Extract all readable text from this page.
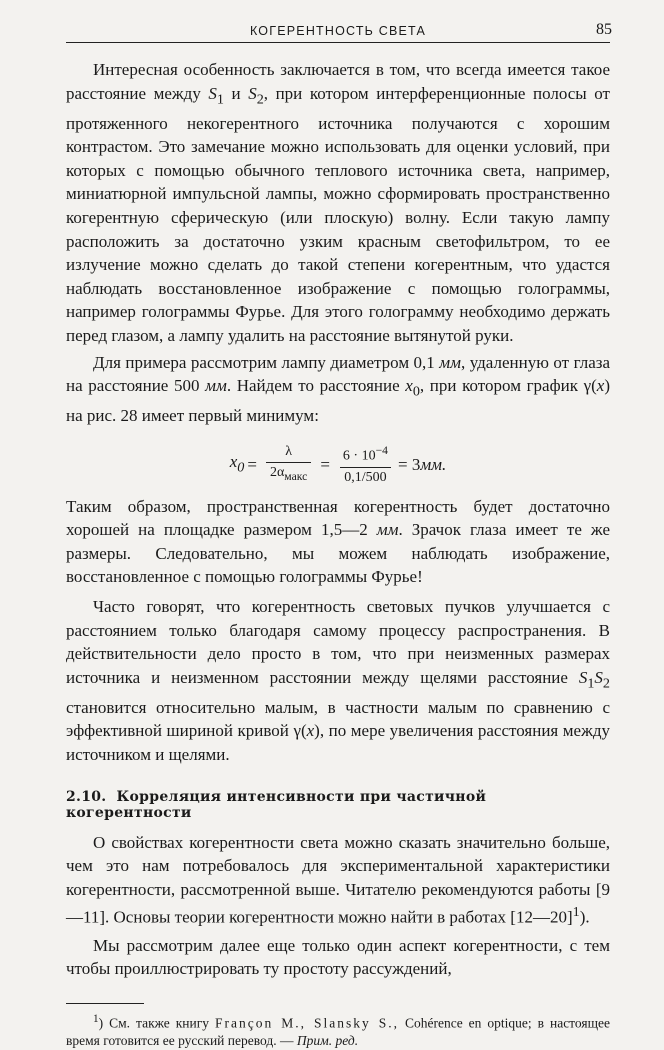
КОГЕРЕНТНОСТЬ СВЕТА	85

Интересная особенность заключается в том, что всегда имеется такое расстояние между $S_1$ и $S_2$, при котором интерференционные полосы от протяженного некогерентного источника получаются с хорошим контрастом. Это замечание можно использовать для оценки условий, при которых с помощью обычного теплового источника света, например, миниатюрной импульсной лампы, можно сформировать пространственно когерентную сферическую (или плоскую) волну. Если такую лампу расположить за достаточно узким красным светофильтром, то ее излучение можно сделать до такой степени когерентным, что удастся наблюдать восстановленное изображение с помощью голограммы, например голограммы Фурье. Для этого голограмму необходимо держать перед глазом, а лампу удалить на расстояние вытянутой руки.

Для примера рассмотрим лампу диаметром 0,1 мм, удаленную от глаза на расстояние 500 мм. Найдем то расстояние $x_0$, при котором график γ(x) на рис. 28 имеет первый минимум:

$x_0 = \frac{\lambda}{2\alpha_{макс}} = \frac{6 \cdot 10^{-4}}{0,1/500} = 3$ мм.

Таким образом, пространственная когерентность будет достаточно хорошей на площадке размером 1,5—2 мм. Зрачок глаза имеет те же размеры. Следовательно, мы можем наблюдать изображение, восстановленное с помощью голограммы Фурье!

Часто говорят, что когерентность световых пучков улучшается с расстоянием только благодаря самому процессу распространения. В действительности дело просто в том, что при неизменных размерах источника и неизменном расстоянии между щелями расстояние $S_1S_2$ становится относительно малым, в частности малым по сравнению с эффективной шириной кривой γ(x), по мере увеличения расстояния между источником и щелями.

2.10. Корреляция интенсивности при частичной когерентности

О свойствах когерентности света можно сказать значительно больше, чем это нам потребовалось для экспериментальной характеристики когерентности, рассмотренной выше. Читателю рекомендуются работы [9—11]. Основы теории когерентности можно найти в работах [12—20]$^1$).

Мы рассмотрим далее еще только один аспект когерентности, с тем чтобы проиллюстрировать ту простоту рассуждений,

$^1$) См. также книгу Françon M., Slansky S., Cohérence en optique; в настоящее время готовится ее русский перевод. — Прим. ред.
